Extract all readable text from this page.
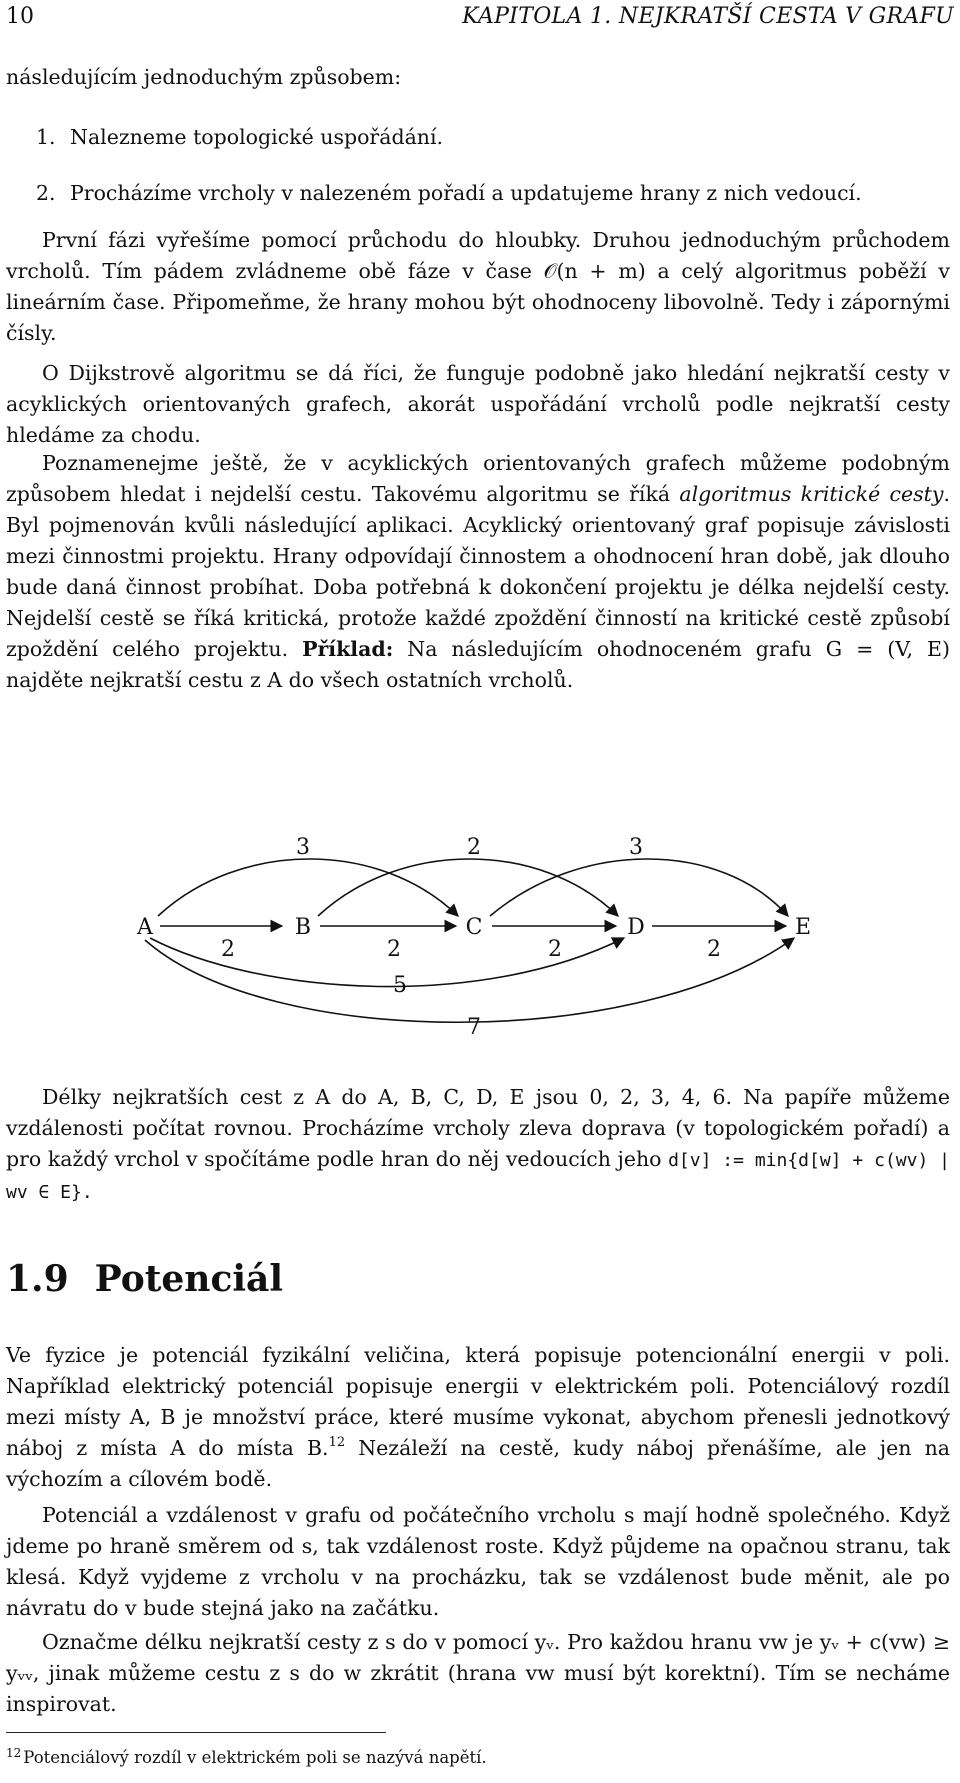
10	KAPITOLA 1. NEJKRATŠÍ CESTA V GRAFU

následujícím jednoduchým způsobem:

1. Nalezneme topologické uspořádání.
2. Procházíme vrcholy v nalezeném pořadí a updatujeme hrany z nich vedoucí.

První fázi vyřešíme pomocí průchodu do hloubky. Druhou jednoduchým průchodem vrcholů. Tím pádem zvládneme obě fáze v čase 𝒪(n + m) a celý algoritmus poběží v lineárním čase. Připomeňme, že hrany mohou být ohodnoceny libovolně. Tedy i zápornými čísly.

O Dijkstrově algoritmu se dá říci, že funguje podobně jako hledání nejkratší cesty v acyklických orientovaných grafech, akorát uspořádání vrcholů podle nejkratší cesty hledáme za chodu.

Poznamenejme ještě, že v acyklických orientovaných grafech můžeme podobným způsobem hledat i nejdelší cestu. Takovému algoritmu se říká algoritmus kritické cesty. Byl pojmenován kvůli následující aplikaci. Acyklický orientovaný graf popisuje závislosti mezi činnostmi projektu. Hrany odpovídají činnostem a ohodnocení hran době, jak dlouho bude daná činnost probíhat. Doba potřebná k dokončení projektu je délka nejdelší cesty. Nejdelší cestě se říká kritická, protože každé zpoždění činností na kritické cestě způsobí zpoždění celého projektu. Příklad: Na následujícím ohodnoceném grafu G = (V, E) najděte nejkratší cestu z A do všech ostatních vrcholů.

A	B	C	D	E
2	2	2	2
3	2	3
5
7

Délky nejkratších cest z A do A, B, C, D, E jsou 0, 2, 3, 4, 6. Na papíře můžeme vzdálenosti počítat rovnou. Procházíme vrcholy zleva doprava (v topologickém pořadí) a pro každý vrchol v spočítáme podle hran do něj vedoucích jeho d[v] := min{d[w] + c(wv) | wv ∈ E}.

1.9 Potenciál

Ve fyzice je potenciál fyzikální veličina, která popisuje potencionální energii v poli. Například elektrický potenciál popisuje energii v elektrickém poli. Potenciálový rozdíl mezi místy A, B je množství práce, které musíme vykonat, abychom přenesli jednotkový náboj z místa A do místa B.$^{12}$ Nezáleží na cestě, kudy náboj přenášíme, ale jen na výchozím a cílovém bodě.

Potenciál a vzdálenost v grafu od počátečního vrcholu s mají hodně společného. Když jdeme po hraně směrem od s, tak vzdálenost roste. Když půjdeme na opačnou stranu, tak klesá. Když vyjdeme z vrcholu v na procházku, tak se vzdálenost bude měnit, ale po návratu do v bude stejná jako na začátku.

Označme délku nejkratší cesty z s do v pomocí yᵥ. Pro každou hranu vw je yᵥ + c(vw) ≥ yᵥᵥ, jinak můžeme cestu z s do w zkrátit (hrana vw musí být korektní). Tím se necháme inspirovat.

$^{12}$ Potenciálový rozdíl v elektrickém poli se nazývá napětí.
